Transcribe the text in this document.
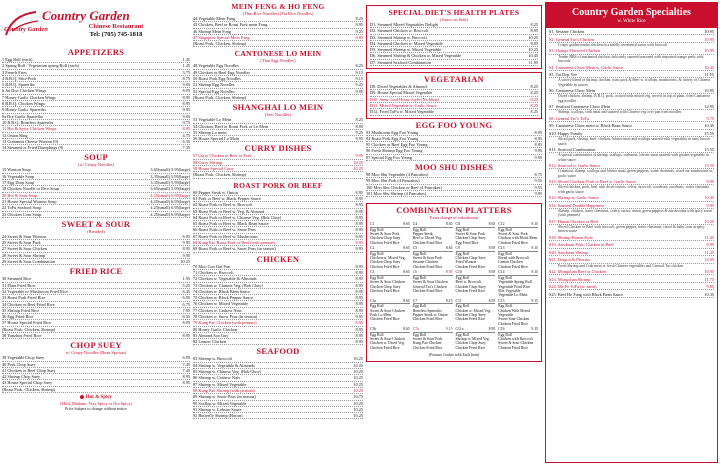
Country Garden
Country Garden
Chinese Restaurant
Tel: (705) 745-1818
APPETIZERS
1 Egg Roll (each)	1.45
2 Spring Roll / Vegetarian spring Roll (each)	1.45
3 French Fries	3.75
4 B.B.Q. Slice Pork	8.75
5 B.B.Q. Spareribs	9.95
6 Jar Doo Chicken Wings	8.95
7 Honey Garlic Chicken Wings	8.95
8 B.B.Q. Chicken Wings	8.95
9 Honey Garlic Spareribs	9.95
9a Dry Garlic Spareribs	9.95
10 B.B.Q. Boneless Spareribs	9.75
11 Hot & Spicy Chicken Wings	8.95
12 Onion Ring	4.75
13 Crabmeat Cheese Wonton (9)	6.35
14 Steamed or Fried Dumplings (8)	7.35
SOUP
(w/ Crispy Noodles)
15 Wonton Soup	3.65(small) 5.95(large)
16 Vegetable Soup	3.35(small) 5.95(large)
17 Egg Drop Soup	3.35(small) 5.95(large)
18 Chicken Noodle or Rice Soup	3.65(small) 5.95(large)
20 Hot & Sour Soup	4.25(small) 6.95(large)
21 House Special Wonton Soup	4.25(small) 6.95(large)
22 ToFu Seafood Soup	4.25(small) 6.95(large)
23 Chicken Corn Soup	4.25(small) 6.95(large)
SWEET & SOUR
(Breaded)
24 Sweet & Sour Wonton	6.95
25 Sweet & Sour Pork	9.95
27 Sweet & Sour Chicken	8.95
28 Sweet & Sour Shrimp	9.95
29 Sweet & Sour Combination	10.25
FRIED RICE
30 Steamed Rice	1.95
31 Plain Fried Rice	5.25
32 Vegetable or Mushroom Fried Rice	6.45
33 Roast Pork Fried Rice	6.95
34 Chicken or Beef Fried Rice	6.75
35 Shrimp Fried Rice	7.95
36 Egg Fried Rice	6.55
37 House Special Fried Rice	8.95
(Roast Pork, Chicken, Shrimp)
38 Yanzhou Fried Rice	8.95
CHOP SUEY
w/ Crispy Noodles (Bean Sprouts)
39 Vegetable Chop Suey	6.95
40 Pork Chop Suey	7.45
41 Chicken or Beef Chop Suey	7.45
42 Shrimp Chop Suey	8.95
43 House Special Chop Suey	8.95
(Roast Pork, Chicken, Shrimp)
Hot & Spicy
(Mild, Medium, Very Spicy or Not Spicy)
Price Subject to change without notice
MEIN FENG & HO FENG
(Thin Rice Noodles) (Fat Rice Noodles)
44 Vegetable Mein Fong	8.25
45 Chicken, Beef or Roast Pork mein Fong	8.95
46 Shrimp Mein Fong	9.25
47 Singapore Special Mein Fong	9.95
(Roast Pork, Chicken, Shrimp)
CANTONESE LO MEIN
(Thin Egg Noodles)
48 Vegetable Egg Noodles	8.25
49 Chicken or Beef Egg Noodles	9.15
50 Roast Pork Egg Noodles	9.15
51 Shrimp Egg Noodles	9.25
52 Special Egg Noodles	9.95
(Roast Pork, Chicken, Shrimp)
SHANGHAI LO MEIN
(Soft Noodles)
53 Vegetable Lo Mein	8.25
54 Chicken, Beef or Roast Pork or Lo Mein	8.95
55 Shrimp Lo mein	9.25
56 House Special Lo Mein	9.95
CURRY DISHES
57 Curry Chicken or Beef or Pork	9.95
58 Curry Shrimp	10.25
59 House Special Curry	10.25
(Roast Pork, Chicken, Shrimp)
ROAST PORK OR BEEF
60 Pepper Steak w. Onion	8.95
61 Pork or Beef w. Black Pepper Sauce	8.95
62 Roast Pork or Beef w. Broccoli	8.95
63 Roast Pork or Beef w. Veg. & Almond	8.95
64 Roast Pork or Beef w. Chinese Veg. (Bok Choy)	8.95
65 Roast Pork or Beef w. Black Bean Sauce	8.95
66 Roast Pork or Beef w. Snow Peas	8.95
67 Roast Pork or Beef w. Mushrooms	8.95
68 Kung Pao Roast Pork or Beef (with peanuts)	8.95
69 Roast Pork or Beef w. Snow Peas (in season)	9.95
CHICKEN
70 Moo Goo Gai Pan	8.95
71 Chicken w. Broccoli	8.95
72 Chicken w. Vegetable & Almonds	8.95
73 Chicken w. Chinese Veg. (Bok Choy)	8.95
74 Chicken w. Black Bean Sauce	8.95
75 Chicken w. Black Pepper Sauce	8.95
76 Chicken w. Mixed Vegetable	8.95
77 Chicken w. Cashew Nuts	8.95
78 Chicken w. Snow Peas (in season)	9.95
79 Kung Pao Chicken (with peanuts)	8.95
80 Honey Garlic Chicken	8.95
81 Almond Soo Guy	8.95
82 Lemon Chicken	8.95
SEAFOOD
83 Shrimp w. Broccoli	10.25
84 Shrimp w. Vegetable & Almonds	10.25
85 Shrimp w. Chinese Veg. (Bok Choy)	10.25
86 Shrimp w. Cashew Nuts	10.25
87 Shrimp w. Mixed Vegetable	10.25
88 Kung Pao Shrimp (with peanuts)	10.25
89 Shrimp w. Snow Peas (in season)	10.75
90 Scallop w. Mixed Vegetable	10.25
91 Shrimp w. Lobster Sauce	10.25
92 Butterfly Shrimp (Bacon)	10.25
SPECIAL DIET'S HEALTH PLATES
(Sauce on Side)
D1. Steamed Mixed Vegetables Delight	8.25
D2. Steamed Chicken w. Broccoli	8.95
D3. Steamed Shrimp w. Broccoli	10.25
D4. Steamed Chicken w. Mixed Vegetable	8.95
D5. Steamed Shrimp w. Mixed Vegetable	10.25
D6. Steamed Shrimp & Chicken w. Mixed Vegetable	10.45
D7. Steamed Seafood Combination	11.95
VEGETARIAN
D8. Diced Vegetables & Almond	8.25
D9. House Special Mixed Vegetable	8.25
D10. Stem Curd House Style (No Meat)	8.25
D11. Mixed Vegetable w. Garlic Sauce	8.25
D12. Fried ToFu w. Mixed Vegetable	8.25
EGG FOO YOUNG
93 Mushroom Egg Foo Young	8.95
94 Roast Pork Egg Foo Young	8.95
95 Chicken or Beef Egg Foo Young	8.95
96 Fresh Shrimp Egg Foo Young	9.95
97 Special Egg Foo Young	9.95
MOO SHU DISHES
98 Moo Shu Vegetable (4 Pancakes)	8.75
99 Moo Shu Pork (4 Pancakes)	9.55
100 Moo Shu Chicken or Beef (4 Pancakes)	9.55
101 Moo Shu Shrimp (4 Pancakes)	9.95
COMBINATION PLATTERS
Extra charge of substitution
C1	8.65
Egg Roll
Sweet & Sour Pork
Chicken Chop Suey
Chicken Fried Rice
C4	8.65
Egg Roll
Pepper Steak
Beef w. Diced Veg.
Chicken Fried Rice
C8	8.65
Egg Roll
Sweet & Sour Pork
Chicken Chop Suey
Egg Fried Rice
C12	9.15
Egg Roll
Sweet & Sour Pork
Chicken with Black Bean
Chicken Fried Rice
C2	8.65
Egg Roll
Chicken w. Mixed Veg.
Chicken Chop Suey
Chicken Fried Rice
C5	8.65
Egg Roll
Sweet & Sour Pork
Sesame Chicken
Chicken Fried Rice
C9	8.95
Egg Roll
Chicken Chop Suey
Fried Wonton
Chicken Fried Rice
C13	9.15
Egg Roll
Bread with Broccoli
Lemon Chicken
Chicken Fried Rice
C3	8.65
Egg Roll
Sweet & Sour Chicken
Chicken Chop Suey
Chicken Fried Rice
C6	8.95
Egg Roll
Sweet & Sour Chicken
General Tso's Chicken
Chicken Fried Rice
C10	8.95
Egg Roll
Beef w. Broccoli
Chicken Chop Suey
Chicken Fried Rice
C14	9.15
Egg Roll
Vegetable Spring Roll
Vegetable Fried Rice
Mix Vegetable
Vegetable Lo Mein
C3a	8.65
Egg Roll
Sweet & Sour Chicken
Pork Lo Mein
Chicken Fried Rice
C7	9.15
Egg Roll
Boneless Spareribs
Pepper Steak w. Onion
Chicken Fried Rice
C11	8.95
Egg Roll
Chicken w. Mixed Veg.
Chicken Chop Suey
Chicken Fried Rice
C15	9.15
Egg Roll
Chicken With Mixed
Vegetable
Sweet Sour Chicken
Chicken Fried Rice
C3b	8.65
Egg Roll
Sweet & Sour Chicken
Chicken w. Diced Veg.
Chicken Fried Rice
C7a	9.15
Egg Roll
Sweet & Sour Pork
Kung Pao Chicken
Chicken Fried Rice
C11a	8.95
Egg Roll
Shrimp w. Mixed Veg.
Chicken Chop Suey
Chicken Fried Rice
C16	9.15
Egg Roll
Chicken with Broccoli
Sweet & Sour Chicken
Chicken Fried Rice
(Fortune Cookie with Each Item)
Country Garden Specialties
w. White Rice
S1. Sesame Chicken	10.95
S2. General Tso's Chicken	10.95
Crispy golden tender chicken in a mildly sweetened sauce with broccoli
S3. Orange Flavored Chicken	10.95
Tender BBS of marinated chicken, delicately sauteed seasoned with imported orange peels with broccoli
S4. Cantonese Chow Mein w. Garlic Sauce	10.45
S5. Tai Dop Vee	11.55
A savory blend of shrimp, chicken, roast pork & Beef w. scallops, mushrooms, & variety of Chinese Vegetable in sauces
S6. Cantonese Chow Mein	10.95
Diced chicken, shrimp, B.B.Q. pork, cooked with mixed veg. served in top of plain, fried Cantonese egg noodles
S7. Seafood Cantonese Chow Mein	12.95
Shrimp, scallops, crab meat and sauteed with Chinese veg over pan fried noodles
S8. General Tso's ToFu	9.75
S9. Cantonese Chow mein w. Black Bean Sauce	10.45
S10. Happy Family	15.55
Sliced pork, shrimp, beef, chicken, lobster meat and scallops sauteed with vegetables in tasty brown sauce
S11. Seafood Combination	15.55
A special combination of shrimp, scallops, crabmeat, lobster meat sauteed with garden vegetable in white sauce
S12. Seafood w. Garlic Sauce	15.55
Crabmeat, shrimp, scallops and lobster meat, green peppers, water chestnuts, wood ear mushrooms in garlic sauce
S13. Sliced Chicken, Pork or Beef w. Garlic Sauce	9.95
Sliced chicken, pork, beef with diced carrots, celery, broccoli, woodears, zucchinis, water chestnuts with garlic sauce
S14. Shrimp w. Garlic Sauce	10.45
S16. Sauteed Double Happiness	9.95
Shrimp, chicken, water chestnuts, celery, carrot, onion, green peppers & mushrooms with spicy sauce (with peanuts)
S17. Hunan Chicken or Beef	10.25
Sliced Chicken or Beef with broccoli, green pepper, water chestnuts, carrot & baby corn in spicy brown sauce
S18. Shrimp Hunan Style	11.45
S19. Szechuan Pork, Chicken or Beef	9.95
S20. Szechuan Shrimp	11.45
S21. Dragon & Phoenix	14.95
Fresh Shrimp and Crab meat w. fresh Chinese vegetables and General Tso chicken
S22. Mongolian Beef or Chicken	10.95
S23. Mongolian Shrimp	11.75
S24. Ma Po ToFu (w. meat)	9.85
S25. Beef Ho Fang with Black Bean Sauce	10.35
